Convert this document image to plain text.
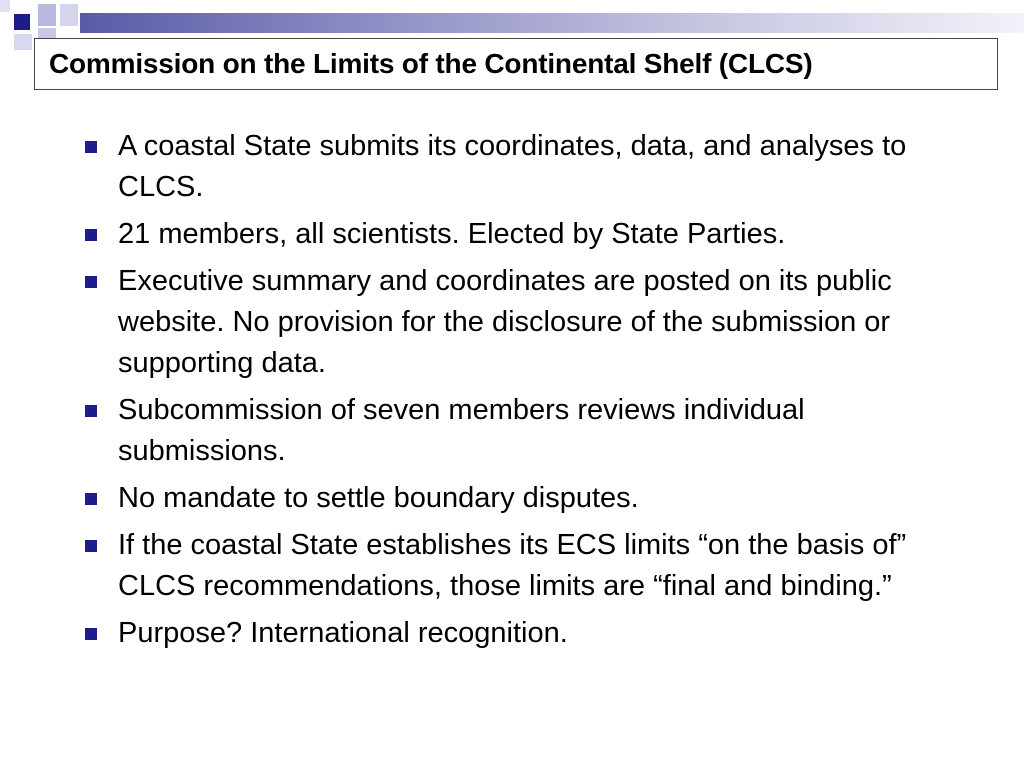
Commission on the Limits of the Continental Shelf (CLCS)
A coastal State submits its coordinates, data, and analyses to CLCS.
21 members, all scientists. Elected by State Parties.
Executive summary and coordinates are posted on its public website. No provision for the disclosure of the submission or supporting data.
Subcommission of seven members reviews individual submissions.
No mandate to settle boundary disputes.
If the coastal State establishes its ECS limits “on the basis of” CLCS recommendations, those limits are “final and binding.”
Purpose? International recognition.
